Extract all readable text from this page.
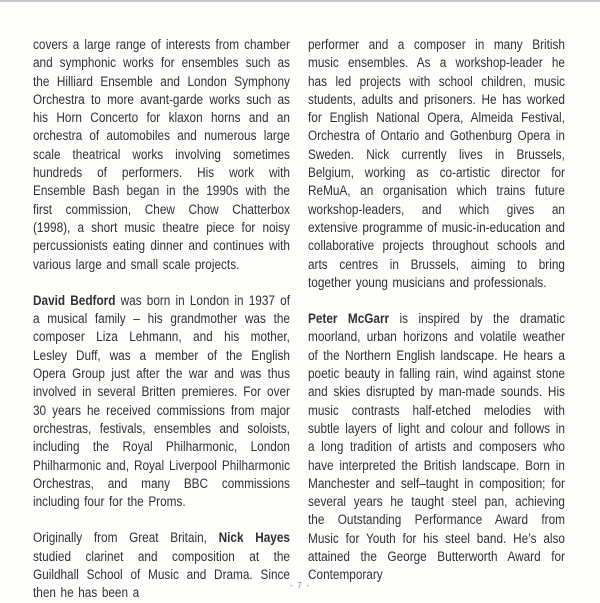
covers a large range of interests from chamber and symphonic works for ensembles such as the Hilliard Ensemble and London Symphony Orchestra to more avant-garde works such as his Horn Concerto for klaxon horns and an orchestra of automobiles and numerous large scale theatrical works involving sometimes hundreds of performers. His work with Ensemble Bash began in the 1990s with the first commission, Chew Chow Chatterbox (1998), a short music theatre piece for noisy percussionists eating dinner and continues with various large and small scale projects.

David Bedford was born in London in 1937 of a musical family – his grandmother was the composer Liza Lehmann, and his mother, Lesley Duff, was a member of the English Opera Group just after the war and was thus involved in several Britten premieres. For over 30 years he received commissions from major orchestras, festivals, ensembles and soloists, including the Royal Philharmonic, London Philharmonic and, Royal Liverpool Philharmonic Orchestras, and many BBC commissions including four for the Proms.

Originally from Great Britain, Nick Hayes studied clarinet and composition at the Guildhall School of Music and Drama. Since then he has been a

performer and a composer in many British music ensembles. As a workshop-leader he has led projects with school children, music students, adults and prisoners. He has worked for English National Opera, Almeida Festival, Orchestra of Ontario and Gothenburg Opera in Sweden. Nick currently lives in Brussels, Belgium, working as co-artistic director for ReMuA, an organisation which trains future workshop-leaders, and which gives an extensive programme of music-in-education and collaborative projects throughout schools and arts centres in Brussels, aiming to bring together young musicians and professionals.

Peter McGarr is inspired by the dramatic moorland, urban horizons and volatile weather of the Northern English landscape. He hears a poetic beauty in falling rain, wind against stone and skies disrupted by man-made sounds. His music contrasts half-etched melodies with subtle layers of light and colour and follows in a long tradition of artists and composers who have interpreted the British landscape. Born in Manchester and self–taught in composition; for several years he taught steel pan, achieving the Outstanding Performance Award from Music for Youth for his steel band. He’s also attained the George Butterworth Award for Contemporary

- 7 -
